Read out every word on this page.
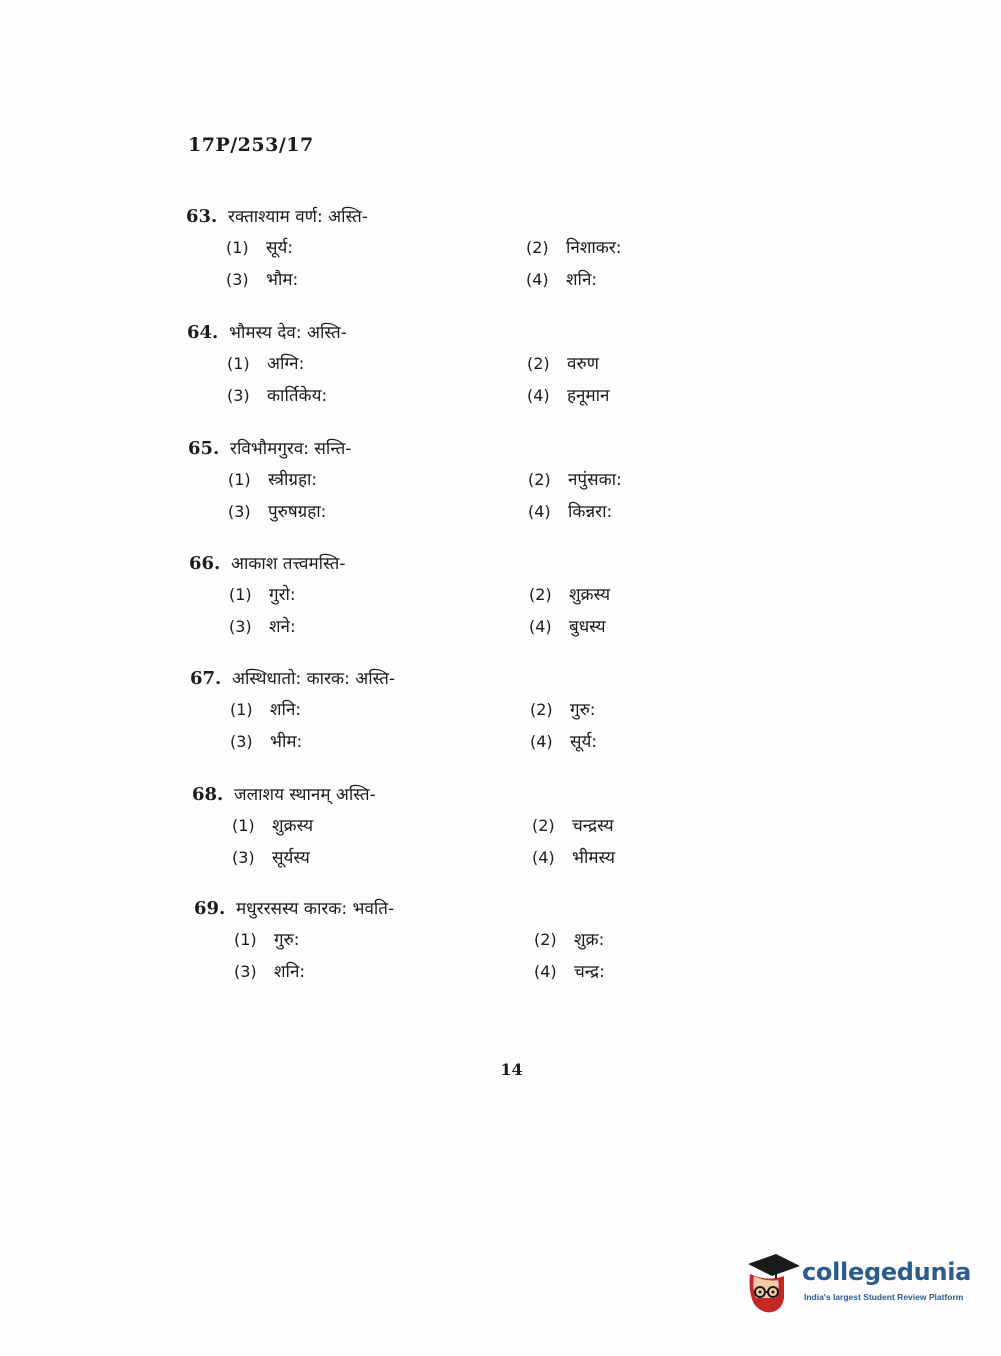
17P/253/17
63. रक्ताश्याम वर्ण: अस्ति-
(1) सूर्य:	(2) निशाकर:
(3) भौम:	(4) शनि:
64. भौमस्य देव: अस्ति-
(1) अग्नि:	(2) वरुण
(3) कार्तिकेय:	(4) हनूमान
65. रविभौमगुरव: सन्ति-
(1) स्त्रीग्रहा:	(2) नपुंसका:
(3) पुरुषग्रहा:	(4) किन्नरा:
66. आकाश तत्त्वमस्ति-
(1) गुरो:	(2) शुक्रस्य
(3) शने:	(4) बुधस्य
67. अस्थिधातो: कारक: अस्ति-
(1) शनि:	(2) गुरु:
(3) भीम:	(4) सूर्य:
68. जलाशय स्थानम् अस्ति-
(1) शुक्रस्य	(2) चन्द्रस्य
(3) सूर्यस्य	(4) भीमस्य
69. मधुररसस्य कारक: भवति-
(1) गुरु:	(2) शुक्र:
(3) शनि:	(4) चन्द्र:
14
collegedunia
India's largest Student Review Platform
